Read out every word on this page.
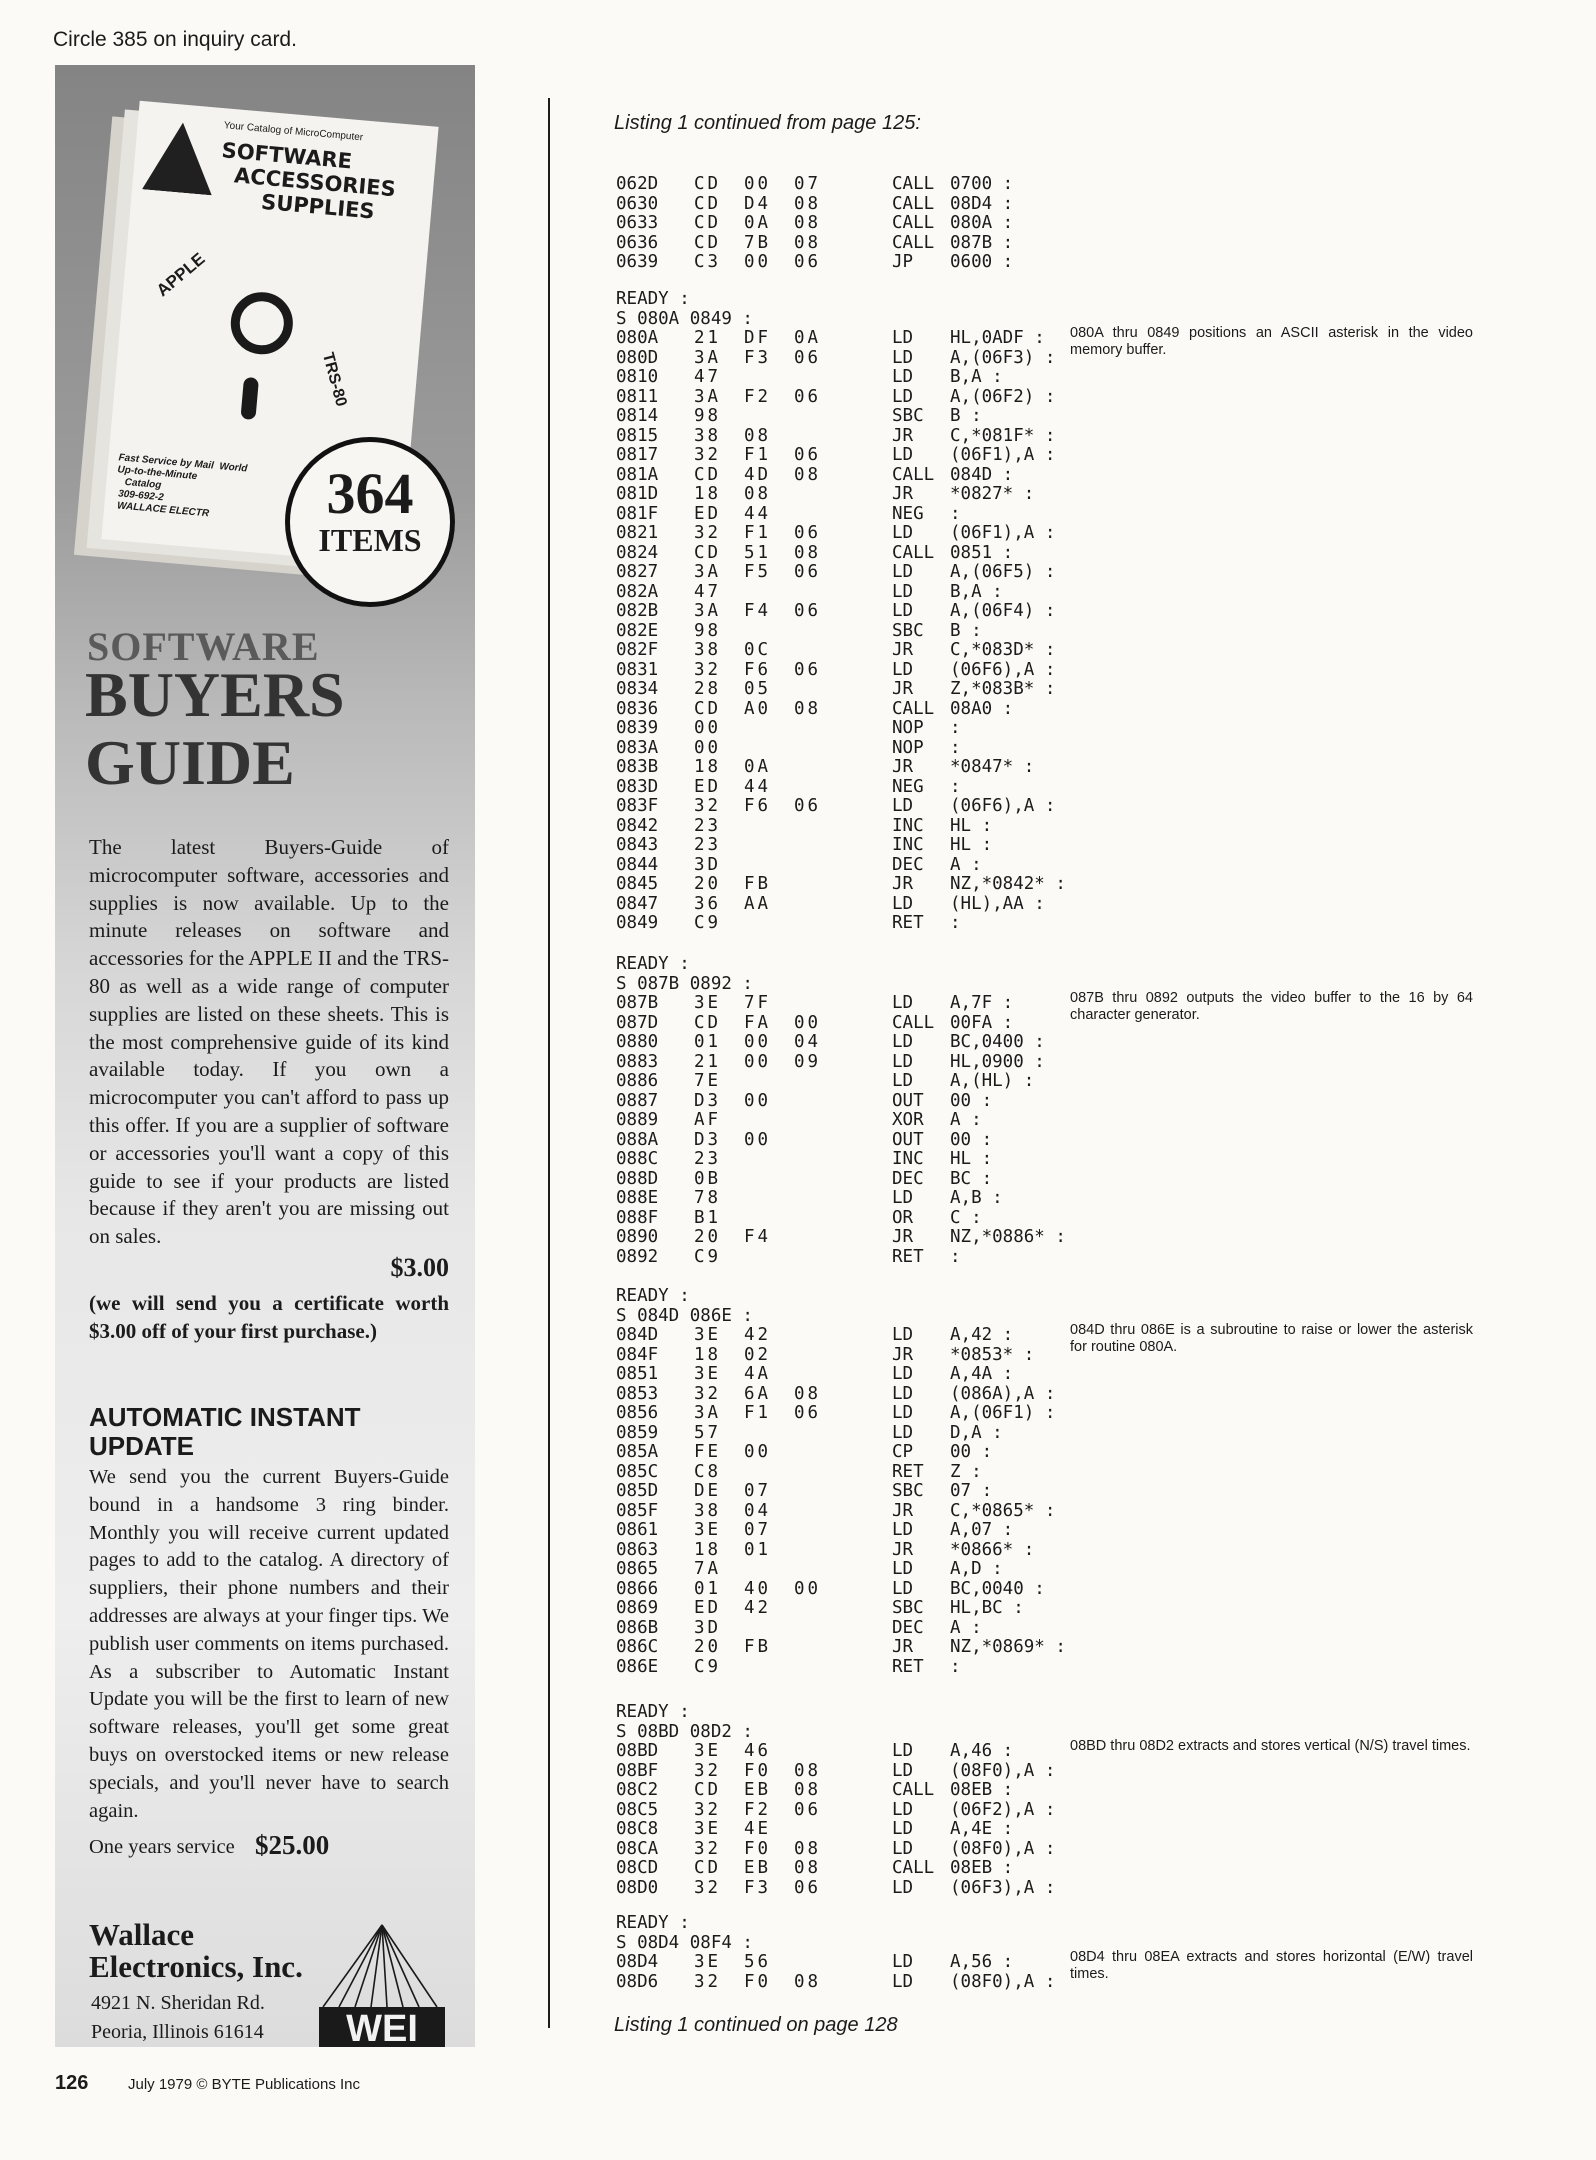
Circle 385 on inquiry card.
Your Catalog of MicroComputer
SOFTWARE
ACCESSORIES
SUPPLIES
APPLE
TRS-80
Fast Service by Mail  World
Up-to-the-Minute
Catalog
309-692-2
WALLACE ELECTR	364
ITEMS
SOFTWARE
BUYERS
GUIDE
The latest Buyers-Guide of microcomputer software, accessories and supplies is now available. Up to the minute releases on software and accessories for the APPLE II and the TRS-80 as well as a wide range of computer supplies are listed on these sheets. This is the most comprehensive guide of its kind available today. If you own a microcomputer you can't afford to pass up this offer. If you are a supplier of software or accessories you'll want a copy of this guide to see if your products are listed because if they aren't you are missing out on sales.
$3.00
(we will send you a certificate worth $3.00 off of your first purchase.)
AUTOMATIC INSTANT UPDATE
We send you the current Buyers-Guide bound in a handsome 3 ring binder. Monthly you will receive current updated pages to add to the catalog. A directory of suppliers, their phone numbers and their addresses are always at your finger tips. We publish user comments on items purchased. As a subscriber to Automatic Instant Update you will be the first to learn of new software releases, you'll get some great buys on overstocked items or new release specials, and you'll never have to search again.
One years service $25.00
Wallace
Electronics, Inc.
4921 N. Sheridan Rd.
Peoria, Illinois 61614 WEI
Listing 1 continued from page 125:
062D CD 00 07	CALL 0700 :
0630 CD D4 08	CALL 08D4 :
0633 CD 0A 08	CALL 080A :
0636 CD 7B 08	CALL 087B :
0639 C3 00 06	JP	0600 :
READY :
S 080A 0849 :
080A 21 DF 0A	LD	HL,0ADF :
080D 3A F3 06	LD	A,(06F3) :
0810 47	LD	B,A :
0811 3A F2 06	LD	A,(06F2) :
0814 98	SBC	B :
0815 38 08	JR	C,*081F* :
0817 32 F1 06	LD	(06F1),A :
081A CD 4D 08	CALL 084D :
081D 18 08	JR	*0827* :
081F ED 44	NEG	:
0821 32 F1 06	LD	(06F1),A :
0824 CD 51 08	CALL 0851 :
0827 3A F5 06	LD	A,(06F5) :
082A 47	LD	B,A :
082B 3A F4 06	LD	A,(06F4) :
082E 98	SBC	B :
082F 38 0C	JR	C,*083D* :
0831 32 F6 06	LD	(06F6),A :
0834 28 05	JR	Z,*083B* :
0836 CD A0 08	CALL 08A0 :
0839 00	NOP	:
083A 00	NOP	:
083B 18 0A	JR	*0847* :
083D ED 44	NEG	:
083F 32 F6 06	LD	(06F6),A :
0842 23	INC	HL :
0843 23	INC	HL :
0844 3D	DEC	A :
0845 20 FB	JR	NZ,*0842* :
0847 36 AA	LD	(HL),AA :
0849 C9	RET	:
080A thru 0849 positions an ASCII asterisk in the video memory buffer.
READY :
S 087B 0892 :
087B 3E 7F	LD	A,7F :
087D CD FA 00	CALL 00FA :
0880 01 00 04	LD	BC,0400 :
0883 21 00 09	LD	HL,0900 :
0886 7E	LD	A,(HL) :
0887 D3 00	OUT	00 :
0889 AF	XOR	A :
088A D3 00	OUT	00 :
088C 23	INC	HL :
088D 0B	DEC	BC :
088E 78	LD	A,B :
088F B1	OR	C :
0890 20 F4	JR	NZ,*0886* :
0892 C9	RET	:
087B thru 0892 outputs the video buffer to the 16 by 64 character generator.
READY :
S 084D 086E :
084D 3E 42	LD	A,42 :
084F 18 02	JR	*0853* :
0851 3E 4A	LD	A,4A :
0853 32 6A 08	LD	(086A),A :
0856 3A F1 06	LD	A,(06F1) :
0859 57	LD	D,A :
085A FE 00	CP	00 :
085C C8	RET	Z :
085D DE 07	SBC	07 :
085F 38 04	JR	C,*0865* :
0861 3E 07	LD	A,07 :
0863 18 01	JR	*0866* :
0865 7A	LD	A,D :
0866 01 40 00	LD	BC,0040 :
0869 ED 42	SBC	HL,BC :
086B 3D	DEC	A :
086C 20 FB	JR	NZ,*0869* :
086E C9	RET	:
084D thru 086E is a subroutine to raise or lower the asterisk for routine 080A.
READY :
S 08BD 08D2 :
08BD 3E 46	LD	A,46 :
08BF 32 F0 08	LD	(08F0),A :
08C2 CD EB 08	CALL 08EB :
08C5 32 F2 06	LD	(06F2),A :
08C8 3E 4E	LD	A,4E :
08CA 32 F0 08	LD	(08F0),A :
08CD CD EB 08	CALL 08EB :
08D0 32 F3 06	LD	(06F3),A :
08BD thru 08D2 extracts and stores vertical (N/S) travel times.
READY :
S 08D4 08F4 :
08D4 3E 56	LD	A,56 :
08D6 32 F0 08	LD	(08F0),A :
08D4 thru 08EA extracts and stores horizontal (E/W) travel times.
Listing 1 continued on page 128
126	July 1979 © BYTE Publications Inc
